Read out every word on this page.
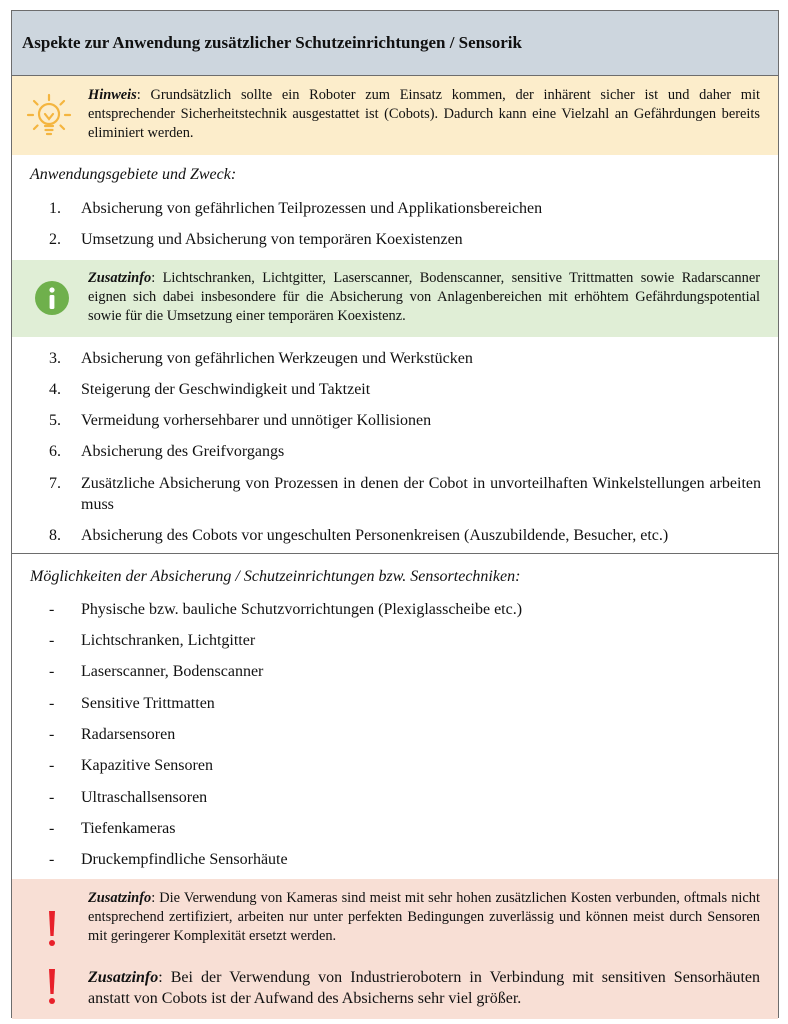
Aspekte zur Anwendung zusätzlicher Schutzeinrichtungen / Sensorik
Hinweis: Grundsätzlich sollte ein Roboter zum Einsatz kommen, der inhärent sicher ist und daher mit entsprechender Sicherheitstechnik ausgestattet ist (Cobots). Dadurch kann eine Vielzahl an Gefährdungen bereits eliminiert werden.
Anwendungsgebiete und Zweck:
1.	Absicherung von gefährlichen Teilprozessen und Applikationsbereichen
2.	Umsetzung und Absicherung von temporären Koexistenzen
Zusatzinfo: Lichtschranken, Lichtgitter, Laserscanner, Bodenscanner, sensitive Trittmatten sowie Radarscanner eignen sich dabei insbesondere für die Absicherung von Anlagenbereichen mit erhöhtem Gefährdungspotential sowie für die Umsetzung einer temporären Koexistenz.
3.	Absicherung von gefährlichen Werkzeugen und Werkstücken
4.	Steigerung der Geschwindigkeit und Taktzeit
5.	Vermeidung vorhersehbarer und unnötiger Kollisionen
6.	Absicherung des Greifvorgangs
7.	Zusätzliche Absicherung von Prozessen in denen der Cobot in unvorteilhaften Winkelstellungen arbeiten muss
8.	Absicherung des Cobots vor ungeschulten Personenkreisen (Auszubildende, Besucher, etc.)
Möglichkeiten der Absicherung / Schutzeinrichtungen bzw. Sensortechniken:
-	Physische bzw. bauliche Schutzvorrichtungen (Plexiglasscheibe etc.)
-	Lichtschranken, Lichtgitter
-	Laserscanner, Bodenscanner
-	Sensitive Trittmatten
-	Radarsensoren
-	Kapazitive Sensoren
-	Ultraschallsensoren
-	Tiefenkameras
-	Druckempfindliche Sensorhäute
Zusatzinfo: Die Verwendung von Kameras sind meist mit sehr hohen zusätzlichen Kosten verbunden, oftmals nicht entsprechend zertifiziert, arbeiten nur unter perfekten Bedingungen zuverlässig und können meist durch Sensoren mit geringerer Komplexität ersetzt werden.
Zusatzinfo: Bei der Verwendung von Industrierobotern in Verbindung mit sensitiven Sensorhäuten anstatt von Cobots ist der Aufwand des Absicherns sehr viel größer.
